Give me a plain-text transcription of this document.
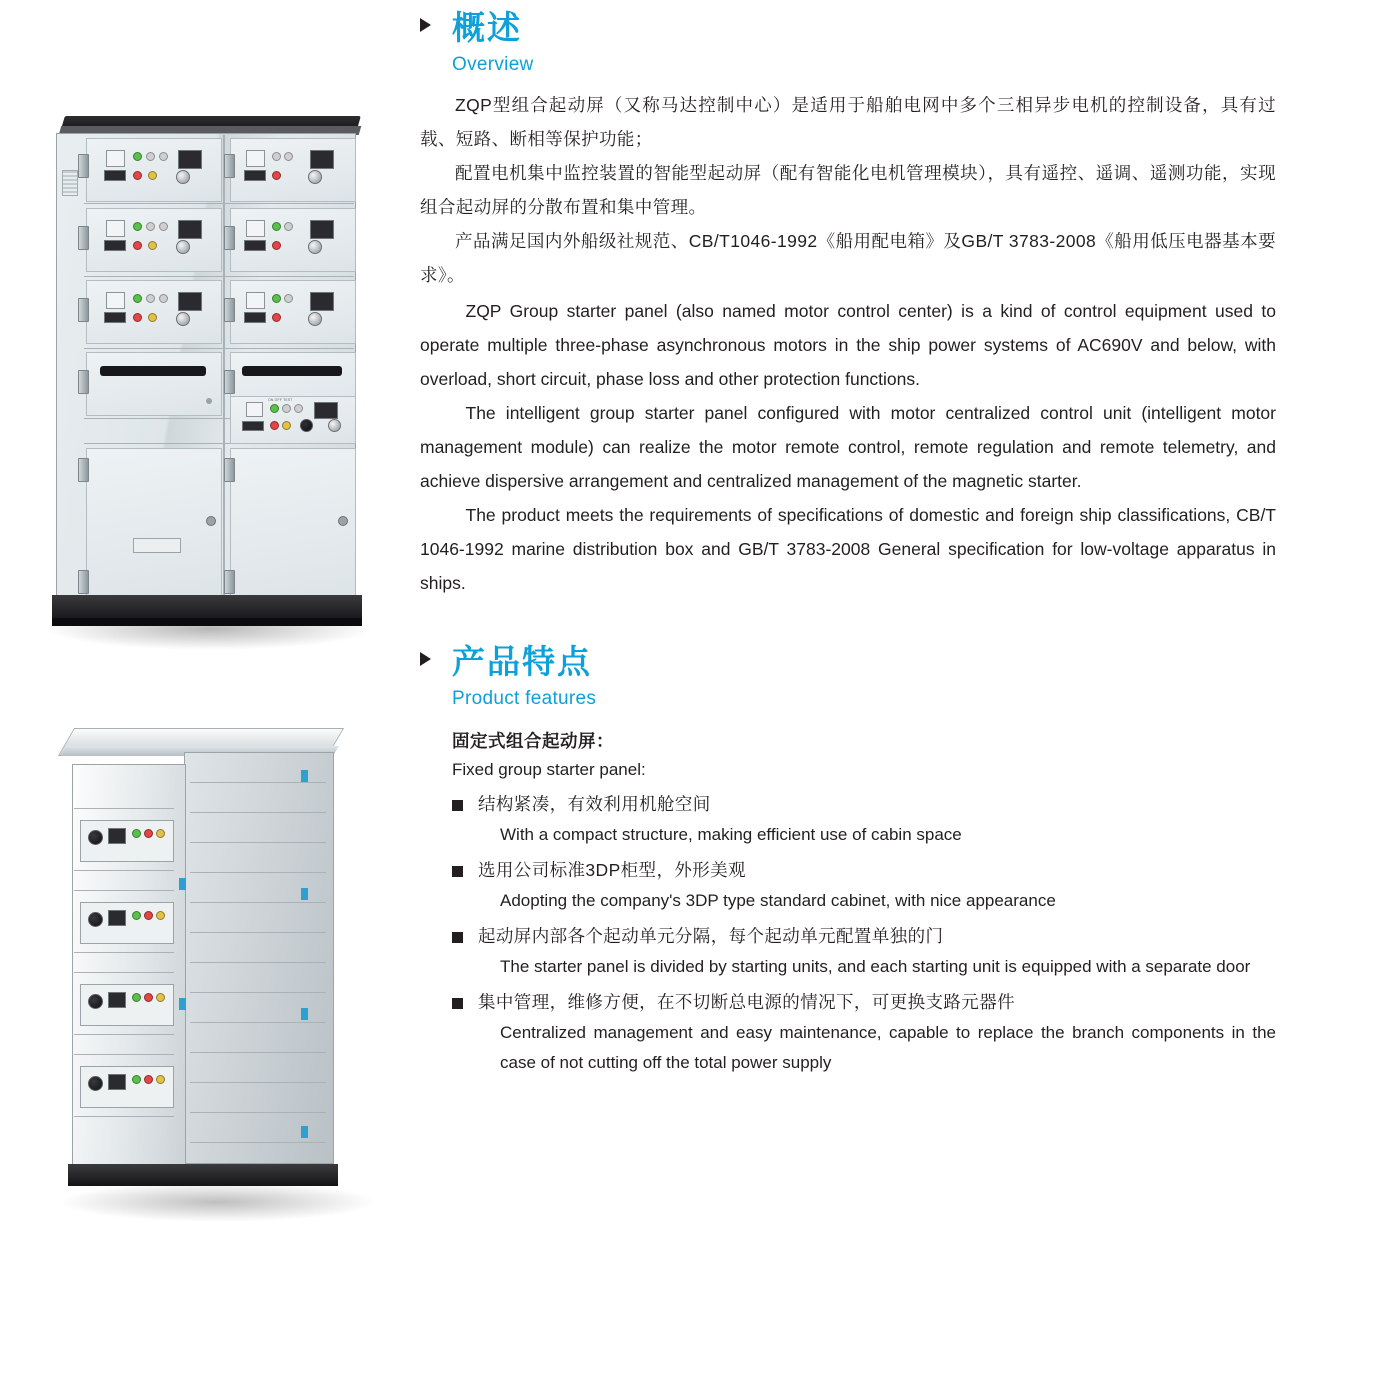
ON OFF TEST
概述
Overview

ZQP型组合起动屏（又称马达控制中心）是适用于船舶电网中多个三相异步电机的控制设备，具有过载、短路、断相等保护功能；

配置电机集中监控装置的智能型起动屏（配有智能化电机管理模块），具有遥控、遥调、遥测功能，实现组合起动屏的分散布置和集中管理。

产品满足国内外船级社规范、CB/T1046-1992《船用配电箱》及GB/T 3783-2008《船用低压电器基本要求》。

ZQP Group starter panel (also named motor control center) is a kind of control equipment used to operate multiple three-phase asynchronous motors in the ship power systems of AC690V and below, with overload, short circuit, phase loss and other protection functions.

The intelligent group starter panel configured with motor centralized control unit (intelligent motor management module) can realize the motor remote control, remote regulation and remote telemetry, and achieve dispersive arrangement and centralized management of the magnetic starter.

The product meets the requirements of specifications of domestic and foreign ship classifications, CB/T 1046-1992 marine distribution box and GB/T 3783-2008 General specification for low-voltage apparatus in ships.

产品特点
Product features
固定式组合起动屏：
Fixed group starter panel:
结构紧凑，有效利用机舱空间
With a compact structure, making efficient use of cabin space
选用公司标准3DP柜型，外形美观
Adopting the company's 3DP type standard cabinet, with nice appearance
起动屏内部各个起动单元分隔，每个起动单元配置单独的门
The starter panel is divided by starting units, and each starting unit is equipped with a separate door
集中管理，维修方便，在不切断总电源的情况下，可更换支路元器件
Centralized management and easy maintenance, capable to replace the branch components in the case of not cutting off the total power supply
